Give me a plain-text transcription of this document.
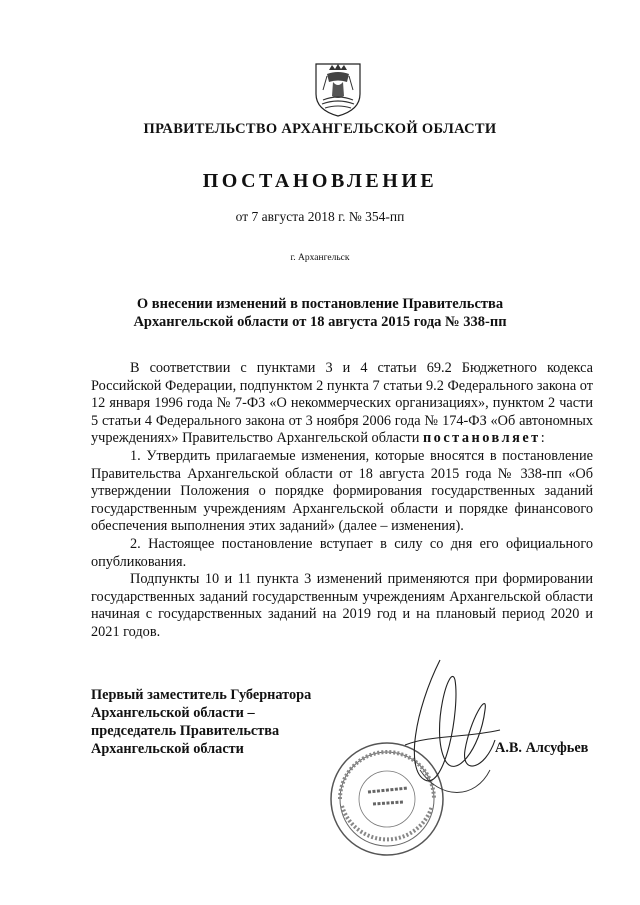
ПРАВИТЕЛЬСТВО АРХАНГЕЛЬСКОЙ ОБЛАСТИ
ПОСТАНОВЛЕНИЕ
от 7 августа 2018 г. № 354-пп
г. Архангельск
О внесении изменений в постановление Правительства
Архангельской области от 18 августа 2015 года № 338-пп

В соответствии с пунктами 3 и 4 статьи 69.2 Бюджетного кодекса Российской Федерации, подпунктом 2 пункта 7 статьи 9.2 Федерального закона от 12 января 1996 года № 7-ФЗ «О некоммерческих организациях», пунктом 2 части 5 статьи 4 Федерального закона от 3 ноября 2006 года № 174-ФЗ «Об автономных учреждениях» Правительство Архангельской области постановляет:

1. Утвердить прилагаемые изменения, которые вносятся в постановление Правительства Архангельской области от 18 августа 2015 года № 338-пп «Об утверждении Положения о порядке формирования государственных заданий государственным учреждениям Архангельской области и порядке финансового обеспечения выполнения этих заданий» (далее – изменения).

2. Настоящее постановление вступает в силу со дня его официального опубликования.

Подпункты 10 и 11 пункта 3 изменений применяются при формировании государственных заданий государственным учреждениям Архангельской области начиная с государственных заданий на 2019 год и на плановый период 2020 и 2021 годов.

Первый заместитель Губернатора
Архангельской области –
председатель Правительства
Архангельской области	А.В. Алсуфьев
